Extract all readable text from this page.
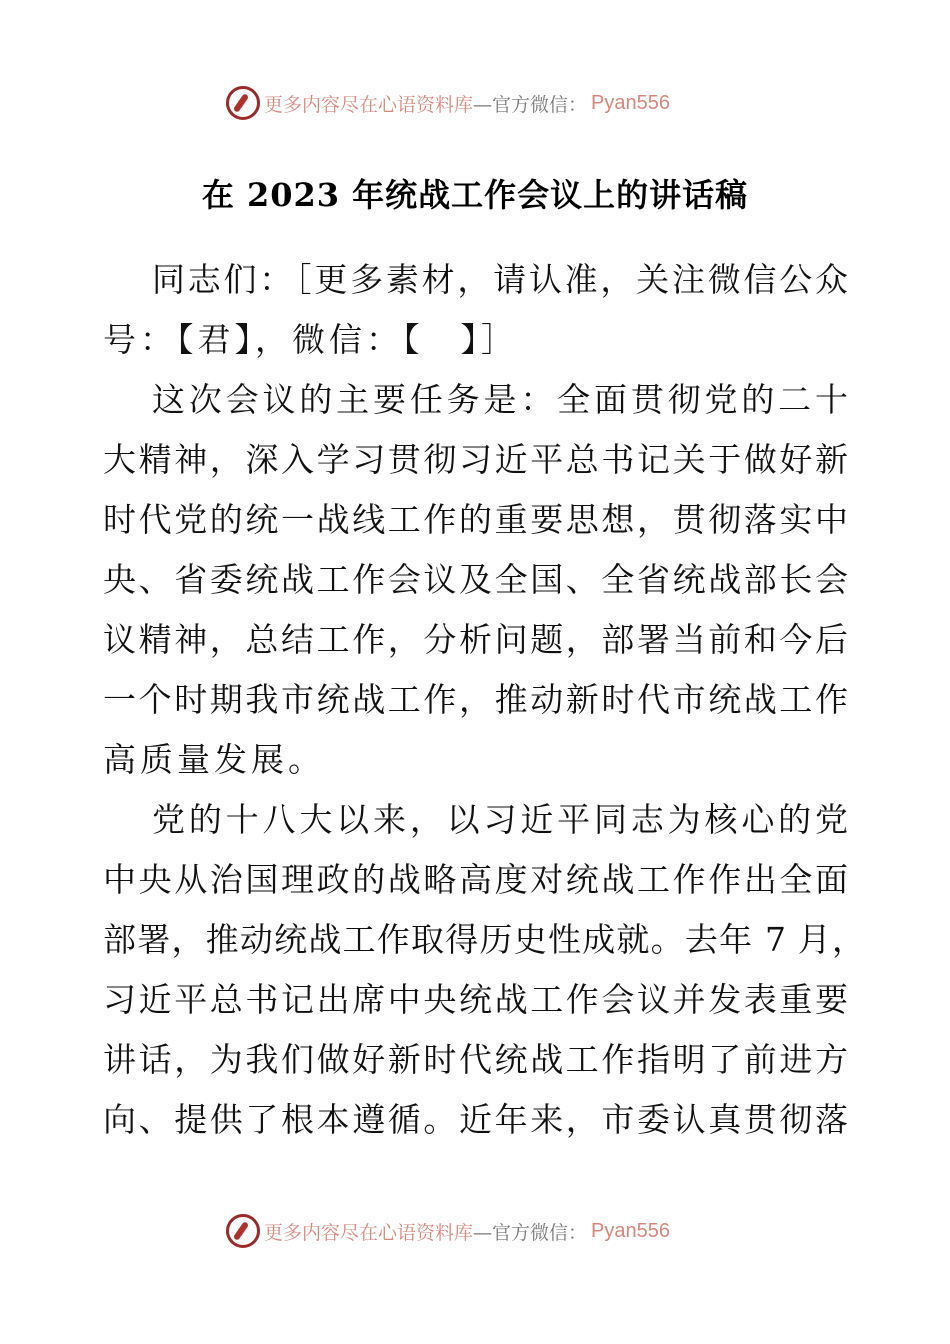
更多内容尽在心语资料库 —官方微信： Pyan556
在 2023 年统战工作会议上的讲话稿
同志们：［更多素材，请认准，关注微信公众
号：【君】，微信：【　】］
这次会议的主要任务是：全面贯彻党的二十
大精神，深入学习贯彻习近平总书记关于做好新
时代党的统一战线工作的重要思想，贯彻落实中
央、省委统战工作会议及全国、全省统战部长会
议精神，总结工作，分析问题，部署当前和今后
一个时期我市统战工作，推动新时代市统战工作
高质量发展。
党的十八大以来，以习近平同志为核心的党
中央从治国理政的战略高度对统战工作作出全面
部署，推动统战工作取得历史性成就。去年 7 月，
习近平总书记出席中央统战工作会议并发表重要
讲话，为我们做好新时代统战工作指明了前进方
向、提供了根本遵循。近年来，市委认真贯彻落
更多内容尽在心语资料库 —官方微信： Pyan556
